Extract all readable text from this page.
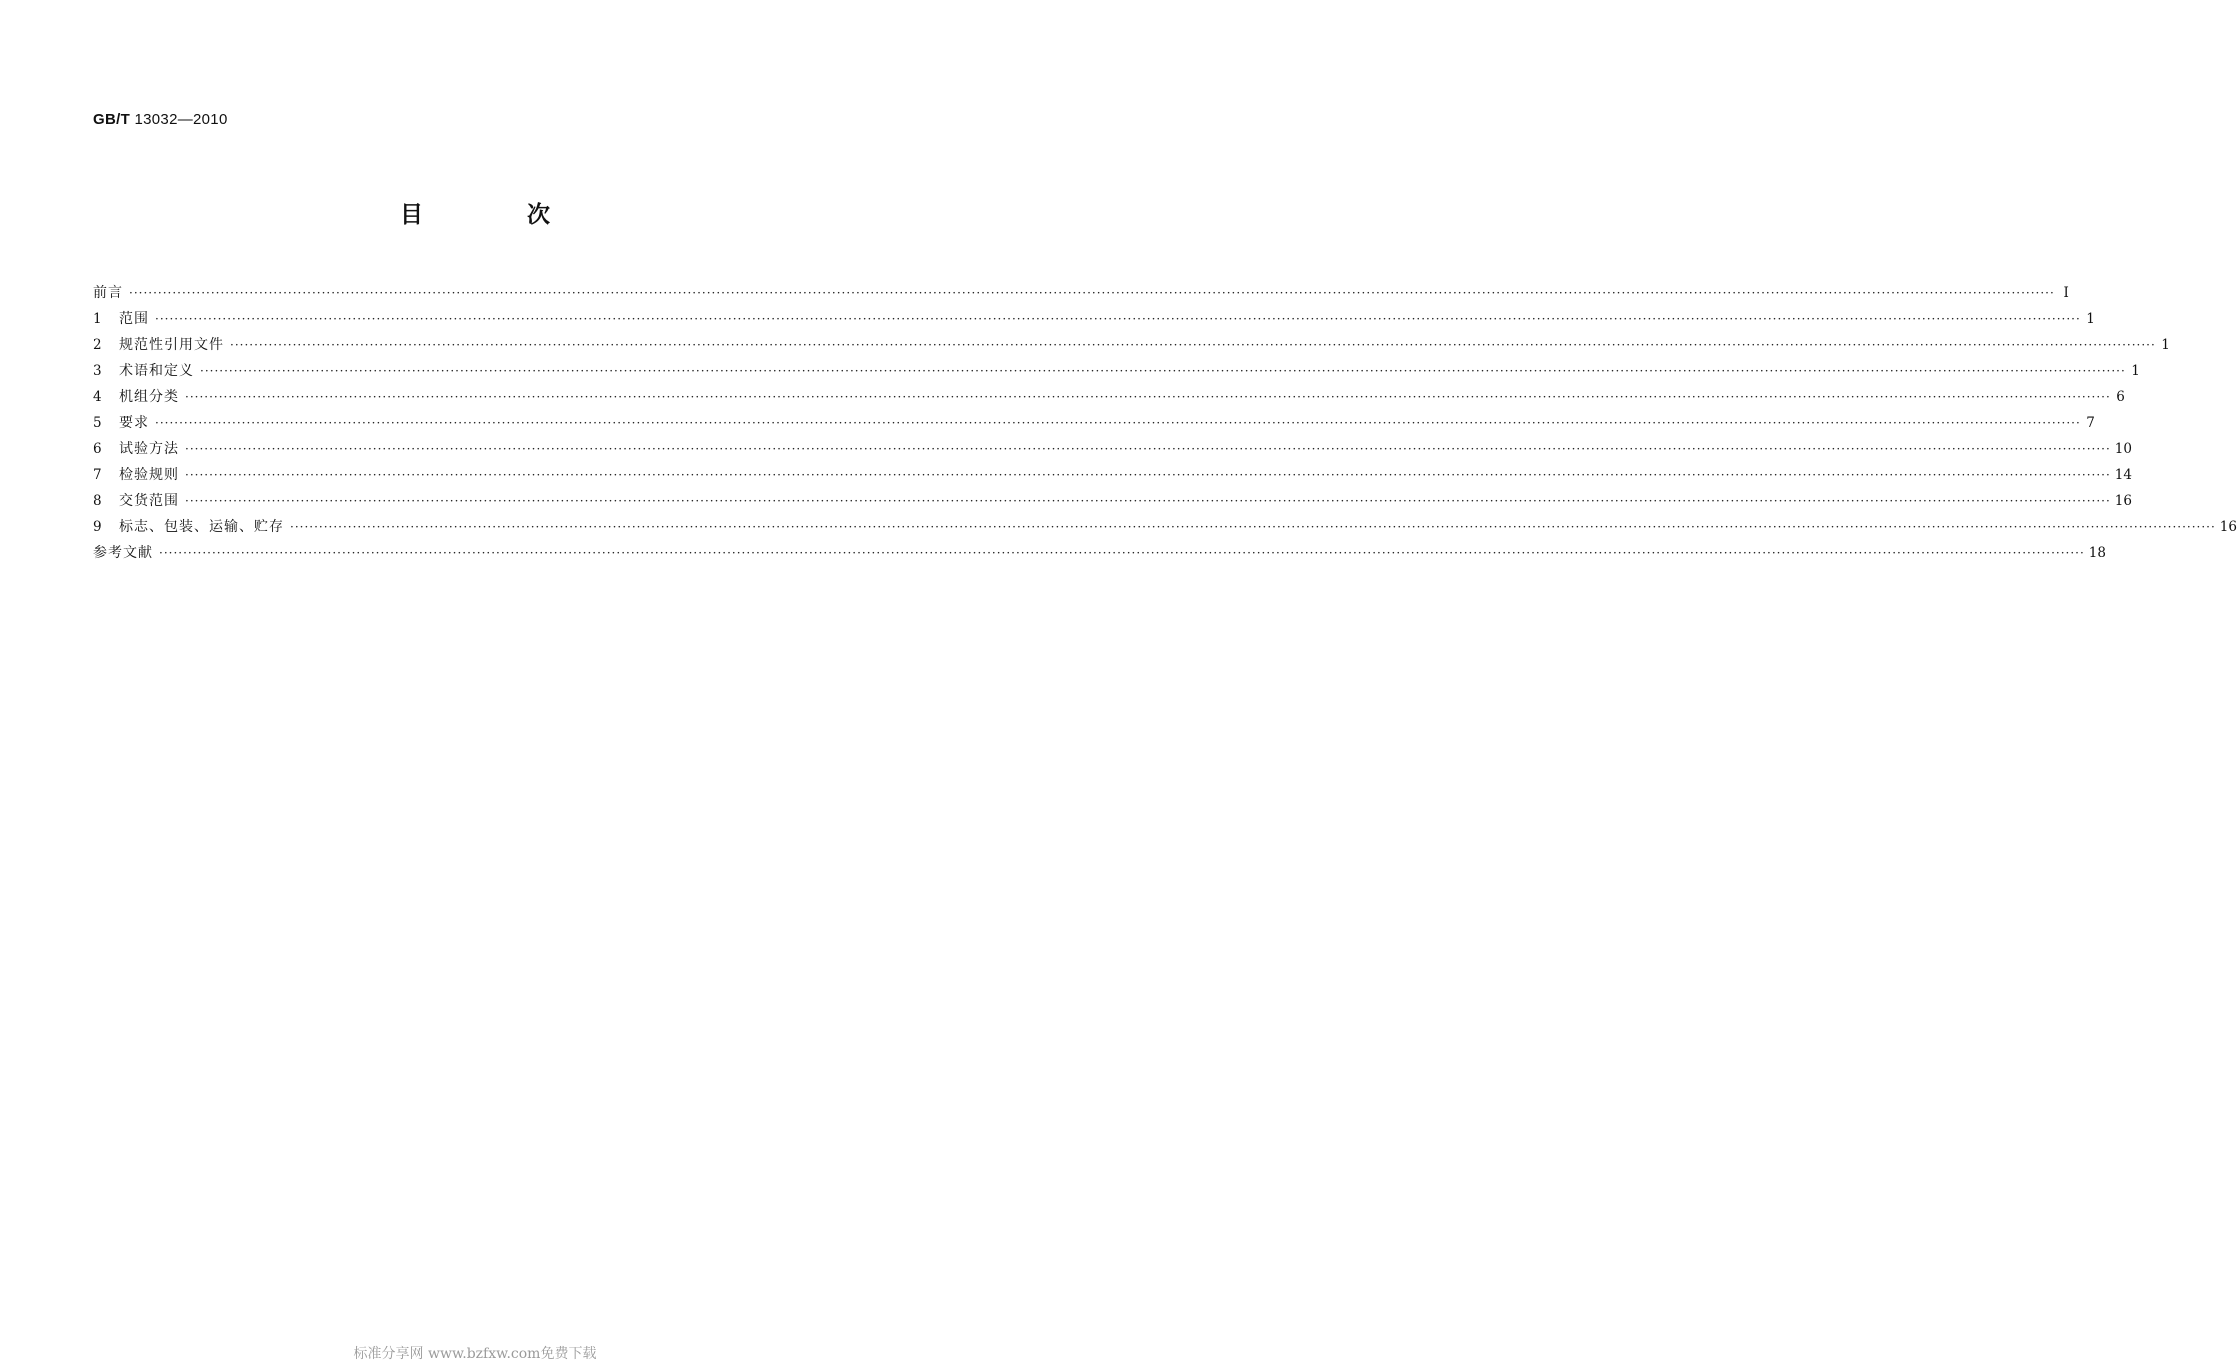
GB/T 13032—2010
目 次
前言 ················································································································································································································································································································································································································ Ⅰ
1	范围 ················································································································································································································································································································································································································ 1
2	规范性引用文件 ················································································································································································································································································································································································································ 1
3	术语和定义 ················································································································································································································································································································································································································ 1
4	机组分类 ················································································································································································································································································································································································································ 6
5	要求 ················································································································································································································································································································································································································ 7
6	试验方法 ················································································································································································································································································································································································································ 10
7	检验规则 ················································································································································································································································································································································································································ 14
8	交货范围 ················································································································································································································································································································································································································ 16
9	标志、包装、运输、贮存 ················································································································································································································································································································································································································ 16
参考文献 ················································································································································································································································································································································································································ 18
标准分享网 www.bzfxw.com免费下载
